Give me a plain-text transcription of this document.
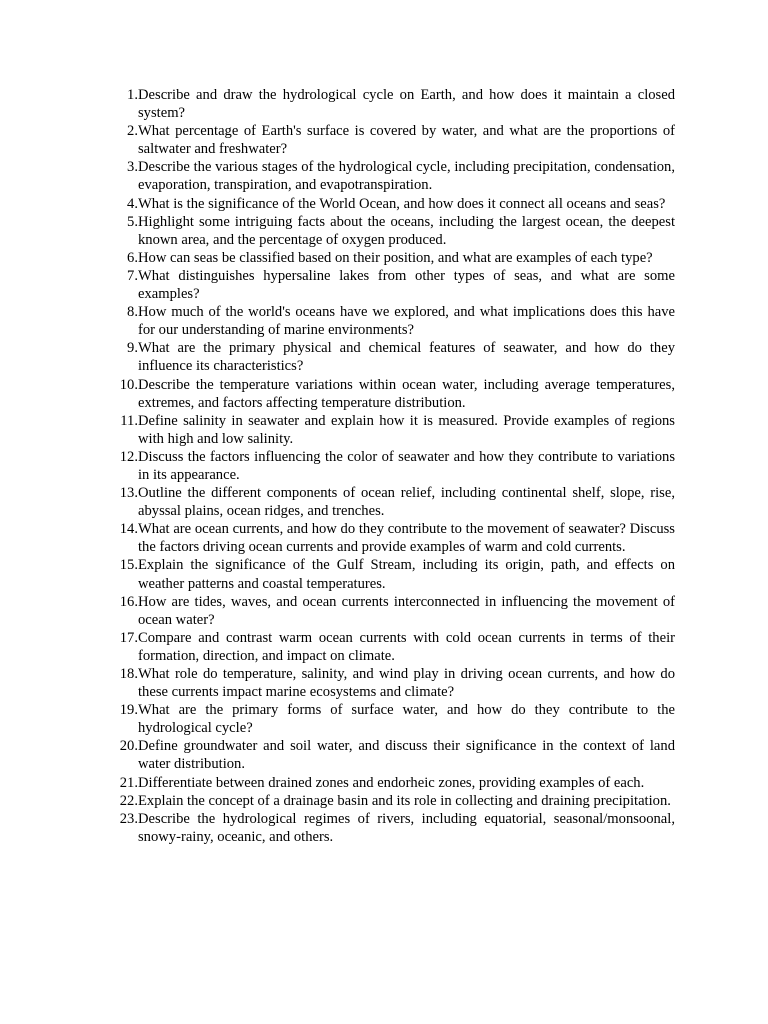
1. Describe and draw the hydrological cycle on Earth, and how does it maintain a closed system?
2. What percentage of Earth's surface is covered by water, and what are the proportions of saltwater and freshwater?
3. Describe the various stages of the hydrological cycle, including precipitation, condensation, evaporation, transpiration, and evapotranspiration.
4. What is the significance of the World Ocean, and how does it connect all oceans and seas?
5. Highlight some intriguing facts about the oceans, including the largest ocean, the deepest known area, and the percentage of oxygen produced.
6. How can seas be classified based on their position, and what are examples of each type?
7. What distinguishes hypersaline lakes from other types of seas, and what are some examples?
8. How much of the world's oceans have we explored, and what implications does this have for our understanding of marine environments?
9. What are the primary physical and chemical features of seawater, and how do they influence its characteristics?
10. Describe the temperature variations within ocean water, including average temperatures, extremes, and factors affecting temperature distribution.
11. Define salinity in seawater and explain how it is measured. Provide examples of regions with high and low salinity.
12. Discuss the factors influencing the color of seawater and how they contribute to variations in its appearance.
13. Outline the different components of ocean relief, including continental shelf, slope, rise, abyssal plains, ocean ridges, and trenches.
14. What are ocean currents, and how do they contribute to the movement of seawater? Discuss the factors driving ocean currents and provide examples of warm and cold currents.
15. Explain the significance of the Gulf Stream, including its origin, path, and effects on weather patterns and coastal temperatures.
16. How are tides, waves, and ocean currents interconnected in influencing the movement of ocean water?
17. Compare and contrast warm ocean currents with cold ocean currents in terms of their formation, direction, and impact on climate.
18. What role do temperature, salinity, and wind play in driving ocean currents, and how do these currents impact marine ecosystems and climate?
19. What are the primary forms of surface water, and how do they contribute to the hydrological cycle?
20. Define groundwater and soil water, and discuss their significance in the context of land water distribution.
21. Differentiate between drained zones and endorheic zones, providing examples of each.
22. Explain the concept of a drainage basin and its role in collecting and draining precipitation.
23. Describe the hydrological regimes of rivers, including equatorial, seasonal/monsoonal, snowy-rainy, oceanic, and others.
